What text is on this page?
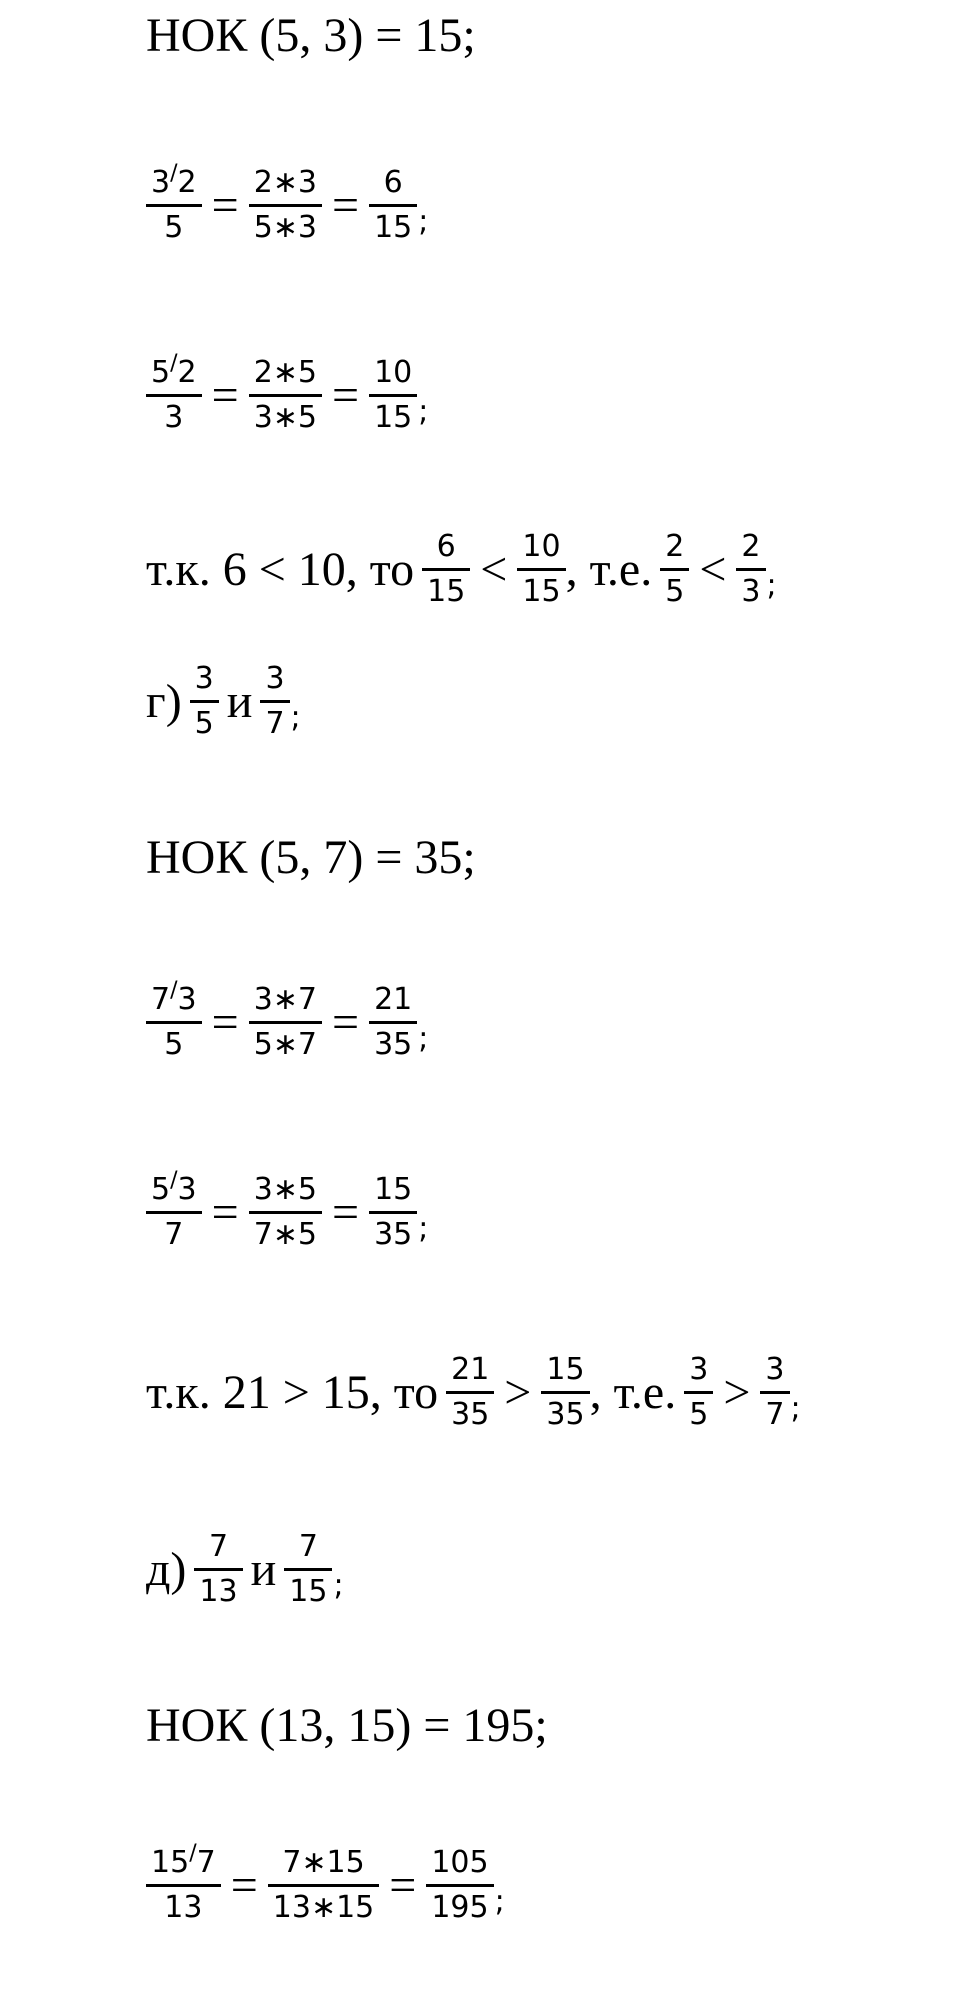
НОК (5, 3) = 15;
$\frac{3^/2}{5} = \frac{2∗3}{5∗3} = \frac{6}{15}$ ;
$\frac{5^/2}{3} = \frac{2∗5}{3∗5} = \frac{10}{15}$ ;
т.к. 6 < 10, то $\frac{6}{15} < \frac{10}{15}$ , т.е. $\frac{2}{5} < \frac{2}{3}$ ;
$г) \frac{3}{5}$ и $\frac{3}{7}$ ;
НОК (5, 7) = 35;
$\frac{7^/3}{5} = \frac{3∗7}{5∗7} = \frac{21}{35}$ ;
$\frac{5^/3}{7} = \frac{3∗5}{7∗5} = \frac{15}{35}$ ;
т.к. 21 > 15, то $\frac{21}{35} > \frac{15}{35}$ , т.е. $\frac{3}{5} > \frac{3}{7}$ ;
$д) \frac{7}{13}$ и $\frac{7}{15}$ ;
НОК (13, 15) = 195;
$\frac{15^/7}{13} = \frac{7∗15}{13∗15} = \frac{105}{195}$ ;
